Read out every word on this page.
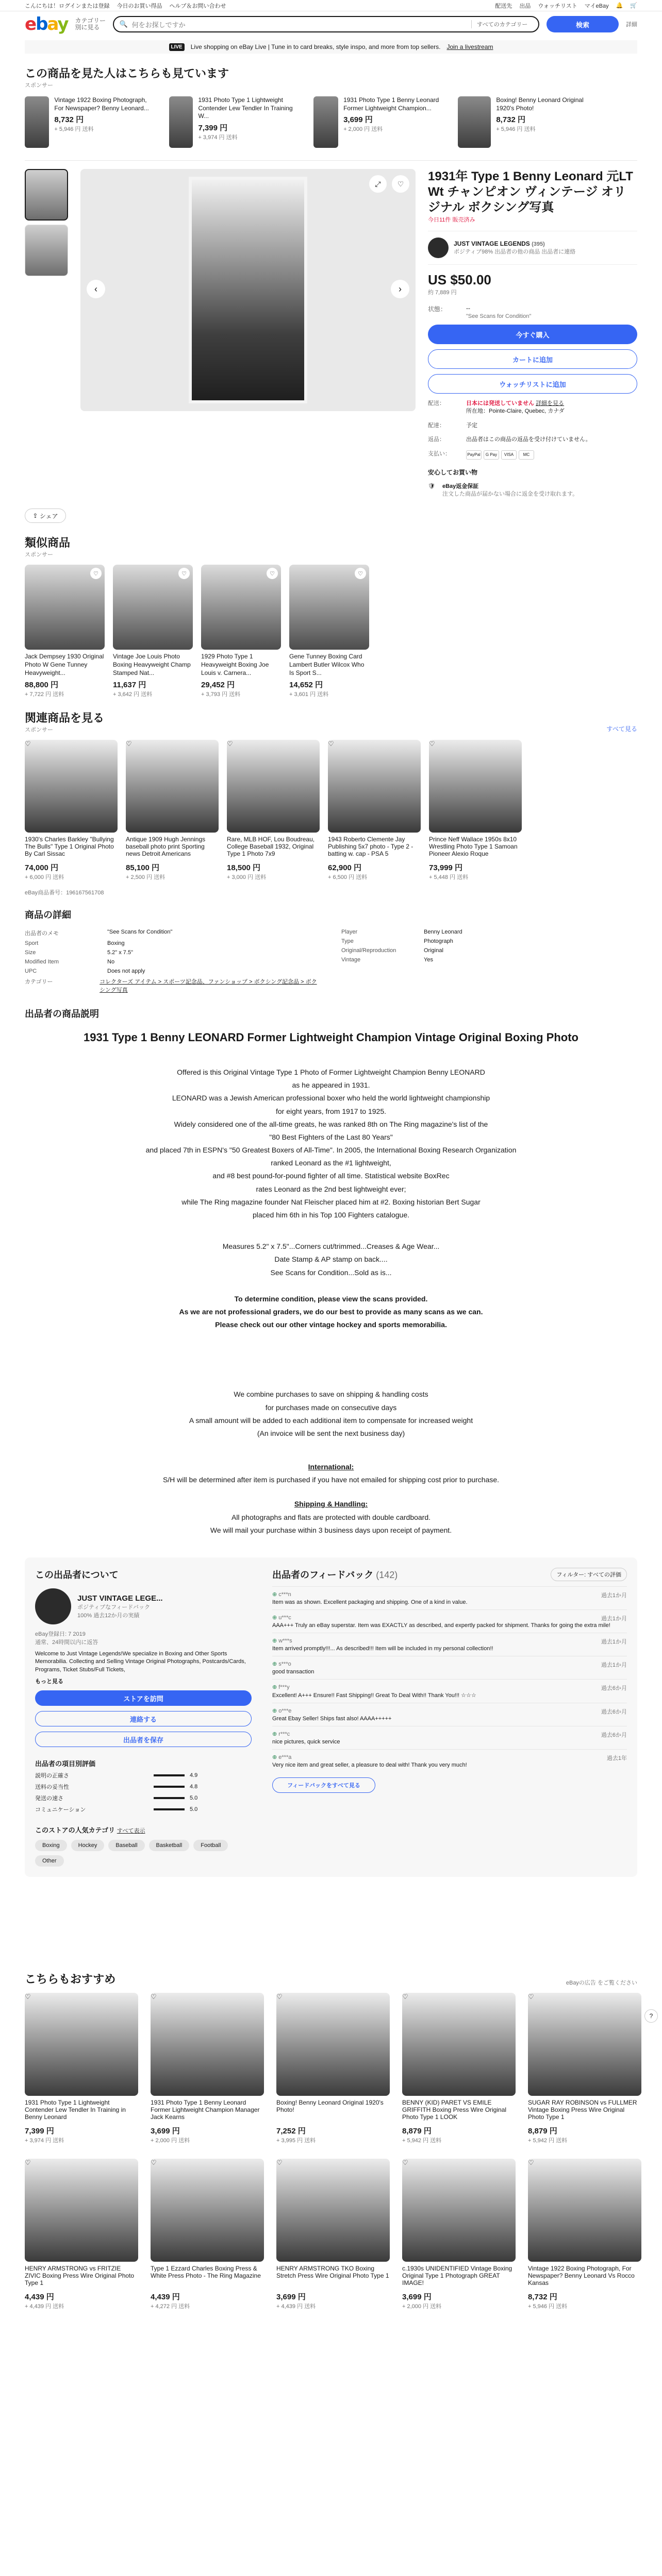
こんにちは！ログインまたは登録 今日のお買い得品 ヘルプ＆お問い合わせ	配送先 出品 ウォッチリスト マイeBay 🔔 🛒
ebay カテゴリー別に見る	🔍 何をお探しですか	すべてのカテゴリー	検索	詳細
LIVE	Live shopping on eBay Live | Tune in to card breaks, style inspo, and more from top sellers. Join a livestream
この商品を見た人はこちらも見ています
スポンサー
Vintage 1922 Boxing Photograph, For Newspaper? Benny Leonard...
8,732 円
+ 5,946 円 送料
1931 Photo Type 1 Lightweight Contender Lew Tendler In Training W...
7,399 円
+ 3,974 円 送料
1931 Photo Type 1 Benny Leonard Former Lightweight Champion...
3,699 円
+ 2,000 円 送料
Boxing! Benny Leonard Original 1920's Photo!
8,732 円
+ 5,946 円 送料
‹	›
⤢	♡
1931年 Type 1 Benny Leonard 元LT Wt チャンピオン ヴィンテージ オリジナル ボクシング写真
今日11件 販売済み
JUST VINTAGE LEGENDS (395)
ポジティブ98% 出品者の他の商品 出品者に連絡
US $50.00
約 7,889 円
状態：	--
"See Scans for Condition"
今すぐ購入
カートに追加
ウォッチリストに追加
配送：	日本には発送していません 詳細を見る
所在地：Pointe-Claire, Quebec, カナダ
配達：	予定
返品：	出品者はこの商品の返品を受け付けていません。
支払い：	PayPal	G Pay	VISA	MC
安心してお買い物
🛡 eBay返金保証
注文した商品が届かない場合に返金を受け取れます。
⇪
シェア
類似商品
スポンサー
♡
Jack Dempsey 1930 Original Photo W Gene Tunney Heavyweight...
88,800 円
+ 7,722 円 送料
♡
Vintage Joe Louis Photo Boxing Heavyweight Champ Stamped Nat...
11,637 円
+ 3,642 円 送料
♡
1929 Photo Type 1 Heavyweight Boxing Joe Louis v. Carnera...
29,452 円
+ 3,793 円 送料
♡
Gene Tunney Boxing Card Lambert Butler Wilcox Who Is Sport S...
14,652 円
+ 3,601 円 送料
関連商品を見る
スポンサー	すべて見る
♡
1930's Charles Barkley "Bullying The Bulls" Type 1 Original Photo By Carl Sissac
74,000 円
+ 6,000 円 送料
♡
Antique 1909 Hugh Jennings baseball photo print Sporting news Detroit Americans
85,100 円
+ 2,500 円 送料
♡
Rare, MLB HOF, Lou Boudreau, College Baseball 1932, Original Type 1 Photo 7x9
18,500 円
+ 3,000 円 送料
♡
1943 Roberto Clemente Jay Publishing 5x7 photo - Type 2 - batting w. cap - PSA 5
62,900 円
+ 6,500 円 送料
♡
Prince Neff Wallace 1950s 8x10 Wrestling Photo Type 1 Samoan Pioneer Alexio Roque
73,999 円
+ 5,448 円 送料
eBay商品番号：196167561708
商品の詳細
出品者のメモ	"See Scans for Condition"
Sport	Boxing
Size	5.2" x 7.5"
Modified Item	No
UPC	Does not apply
カテゴリー	コレクターズ アイテム > スポーツ記念品、ファンショップ > ボクシング記念品 > ボクシング写真
Player	Benny Leonard
Type	Photograph
Original/Reproduction	Original
Vintage	Yes
出品者の商品説明
1931 Type 1 Benny LEONARD Former Lightweight Champion Vintage Original Boxing Photo

Offered is this Original Vintage Type 1 Photo of Former Lightweight Champion Benny LEONARD

as he appeared in 1931.

LEONARD was a Jewish American professional boxer who held the world lightweight championship

for eight years, from 1917 to 1925.

Widely considered one of the all-time greats, he was ranked 8th on The Ring magazine's list of the

"80 Best Fighters of the Last 80 Years"

and placed 7th in ESPN's "50 Greatest Boxers of All-Time". In 2005, the International Boxing Research Organization

ranked Leonard as the #1 lightweight,

and #8 best pound-for-pound fighter of all time. Statistical website BoxRec

rates Leonard as the 2nd best lightweight ever;

while The Ring magazine founder Nat Fleischer placed him at #2. Boxing historian Bert Sugar

placed him 6th in his Top 100 Fighters catalogue.

Measures 5.2" x 7.5"...Corners cut/trimmed...Creases & Age Wear...

Date Stamp & AP stamp on back....

See Scans for Condition...Sold as is...

To determine condition, please view the scans provided.

As we are not professional graders, we do our best to provide as many scans as we can.

Please check out our other vintage hockey and sports memorabilia.

We combine purchases to save on shipping & handling costs

for purchases made on consecutive days

A small amount will be added to each additional item to compensate for increased weight

(An invoice will be sent the next business day)

International:

S/H will be determined after item is purchased if you have not emailed for shipping cost prior to purchase.

Shipping & Handling:

All photographs and flats are protected with double cardboard.

We will mail your purchase within 3 business days upon receipt of payment.

この出品者について
JUST VINTAGE LEGE...
ポジティブなフィードバック
100% 過去12か月の実績
eBay登録日: 7 2019
通常、24時間以内に返答
Welcome to Just Vintage Legends!We specialize in Boxing and Other Sports Memorabilia. Collecting and Selling Vintage Original Photographs, Postcards/Cards, Programs, Ticket Stubs/Full Tickets,
もっと見る
ストアを訪問
連絡する
出品者を保存
出品者の項目別評価
説明の正確さ	4.9
送料の妥当性	4.8
発送の速さ	5.0
コミュニケーション	5.0
このストアの人気カテゴリ すべて表示
Boxing	Hockey	Baseball	Basketball	Football
Other
出品者のフィードバック (142)	フィルター: すべての評価
⊕ c***n	過去1か月
Item was as shown. Excellent packaging and shipping. One of a kind in value.
⊕ u***c	過去1か月
AAA+++ Truly an eBay superstar. Item was EXACTLY as described, and expertly packed for shipment. Thanks for going the extra mile!
⊕ w***s	過去1か月
Item arrived promptly!!!... As described!!! Item will be included in my personal collection!!
⊕ s***o	過去1か月
good transaction
⊕ f***y	過去6か月
Excellent! A+++ Ensure!! Fast Shipping!! Great To Deal With!! Thank You!!! ☆☆☆
⊕ o***e	過去6か月
Great Ebay Seller! Ships fast also! AAAA+++++
⊕ r***c	過去6か月
nice pictures, quick service
⊕ e***a	過去1年
Very nice item and great seller, a pleasure to deal with! Thank you very much!
フィードバックをすべて見る
こちらもおすすめ	eBayの広告 をご覧ください
♡
1931 Photo Type 1 Lightweight Contender Lew Tendler In Training in Benny Leonard
7,399 円
+ 3,974 円 送料
♡
1931 Photo Type 1 Benny Leonard Former Lightweight Champion Manager Jack Kearns
3,699 円
+ 2,000 円 送料
♡
Boxing! Benny Leonard Original 1920's Photo!
7,252 円
+ 3,995 円 送料
♡
BENNY (KID) PARET VS EMILE GRIFFITH Boxing Press Wire Original Photo Type 1 LOOK
8,879 円
+ 5,942 円 送料
♡
SUGAR RAY ROBINSON vs FULLMER Vintage Boxing Press Wire Original Photo Type 1
8,879 円
+ 5,942 円 送料
♡
HENRY ARMSTRONG vs FRITZIE ZIVIC Boxing Press Wire Original Photo Type 1
4,439 円
+ 4,439 円 送料
♡
Type 1 Ezzard Charles Boxing Press & White Press Photo - The Ring Magazine
4,439 円
+ 4,272 円 送料
♡
HENRY ARMSTRONG TKO Boxing Stretch Press Wire Original Photo Type 1
3,699 円
+ 4,439 円 送料
♡
c.1930s UNIDENTIFIED Vintage Boxing Original Type 1 Photograph GREAT IMAGE!
3,699 円
+ 2,000 円 送料
♡
Vintage 1922 Boxing Photograph, For Newspaper? Benny Leonard Vs Rocco Kansas
8,732 円
+ 5,946 円 送料
?
